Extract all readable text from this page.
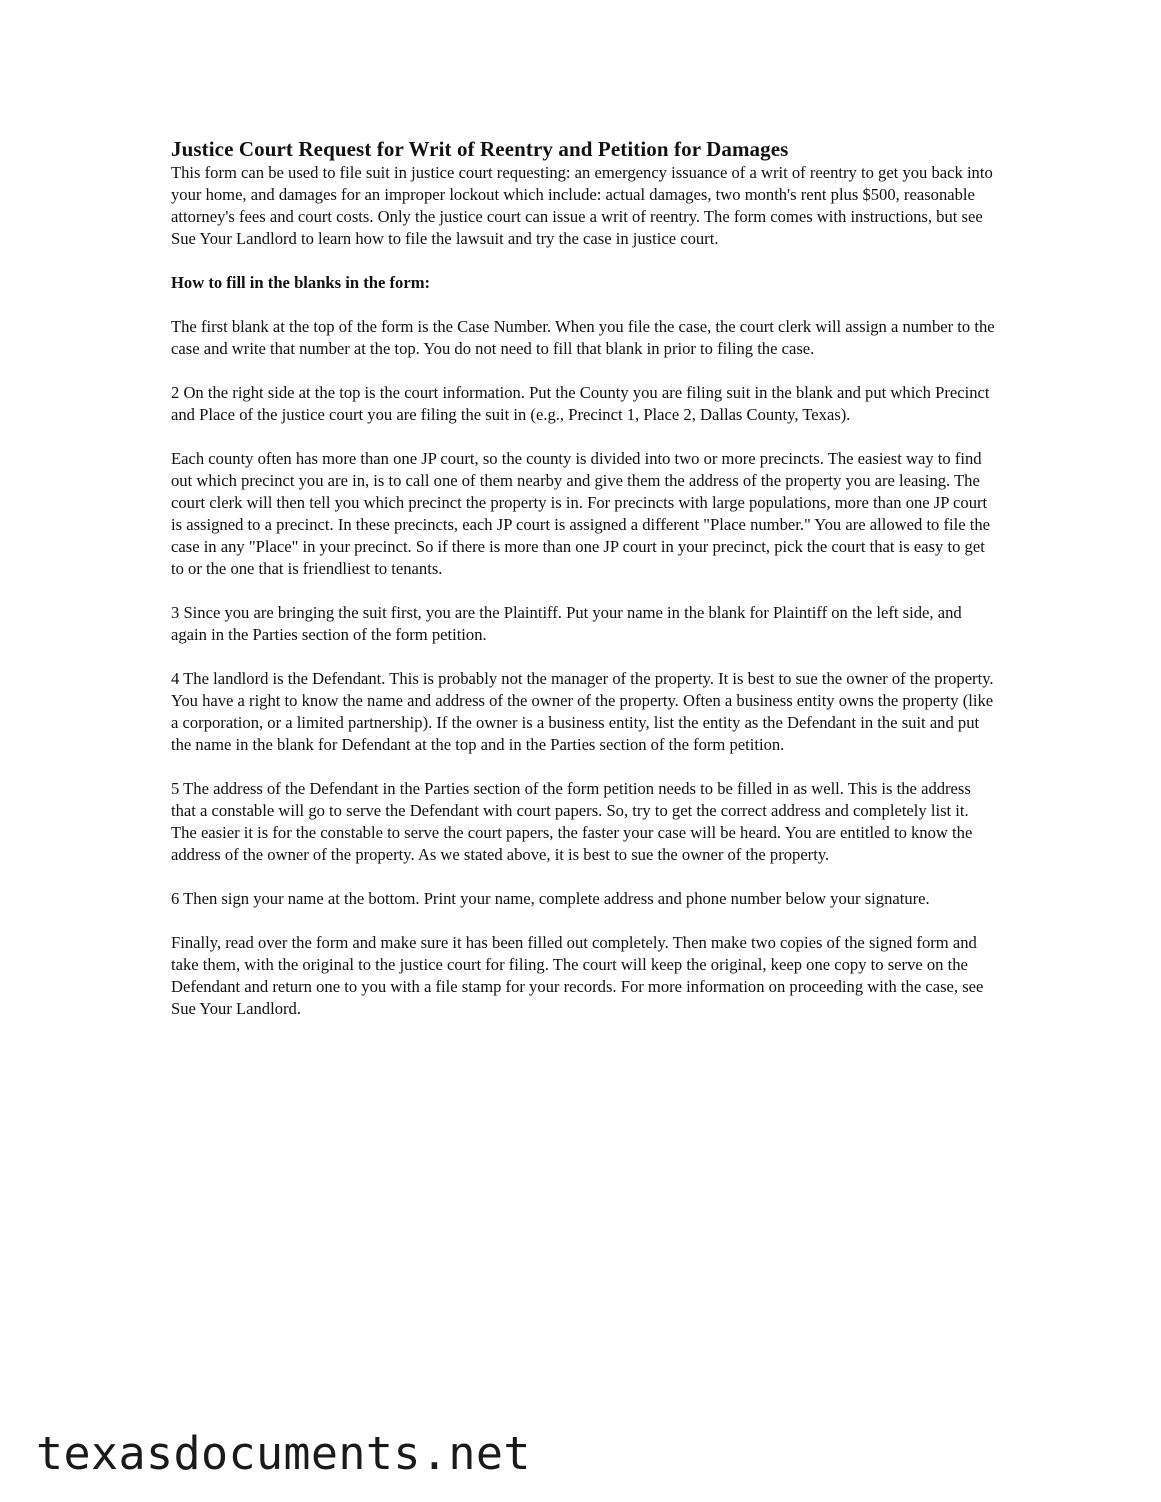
Justice Court Request for Writ of Reentry and Petition for Damages

This form can be used to file suit in justice court requesting: an emergency issuance of a writ of reentry to get you back into your home, and damages for an improper lockout which include: actual damages, two month's rent plus $500, reasonable attorney's fees and court costs. Only the justice court can issue a writ of reentry. The form comes with instructions, but see Sue Your Landlord to learn how to file the lawsuit and try the case in justice court.

How to fill in the blanks in the form:

The first blank at the top of the form is the Case Number. When you file the case, the court clerk will assign a number to the case and write that number at the top. You do not need to fill that blank in prior to filing the case.

2 On the right side at the top is the court information. Put the County you are filing suit in the blank and put which Precinct and Place of the justice court you are filing the suit in (e.g., Precinct 1, Place 2, Dallas County, Texas).

Each county often has more than one JP court, so the county is divided into two or more precincts. The easiest way to find out which precinct you are in, is to call one of them nearby and give them the address of the property you are leasing. The court clerk will then tell you which precinct the property is in. For precincts with large populations, more than one JP court is assigned to a precinct. In these precincts, each JP court is assigned a different "Place number." You are allowed to file the case in any "Place" in your precinct. So if there is more than one JP court in your precinct, pick the court that is easy to get to or the one that is friendliest to tenants.

3 Since you are bringing the suit first, you are the Plaintiff. Put your name in the blank for Plaintiff on the left side, and again in the Parties section of the form petition.

4 The landlord is the Defendant. This is probably not the manager of the property. It is best to sue the owner of the property. You have a right to know the name and address of the owner of the property. Often a business entity owns the property (like a corporation, or a limited partnership). If the owner is a business entity, list the entity as the Defendant in the suit and put the name in the blank for Defendant at the top and in the Parties section of the form petition.

5 The address of the Defendant in the Parties section of the form petition needs to be filled in as well. This is the address that a constable will go to serve the Defendant with court papers. So, try to get the correct address and completely list it. The easier it is for the constable to serve the court papers, the faster your case will be heard. You are entitled to know the address of the owner of the property. As we stated above, it is best to sue the owner of the property.

6 Then sign your name at the bottom. Print your name, complete address and phone number below your signature.

Finally, read over the form and make sure it has been filled out completely. Then make two copies of the signed form and take them, with the original to the justice court for filing. The court will keep the original, keep one copy to serve on the Defendant and return one to you with a file stamp for your records. For more information on proceeding with the case, see Sue Your Landlord.

texasdocuments.net
